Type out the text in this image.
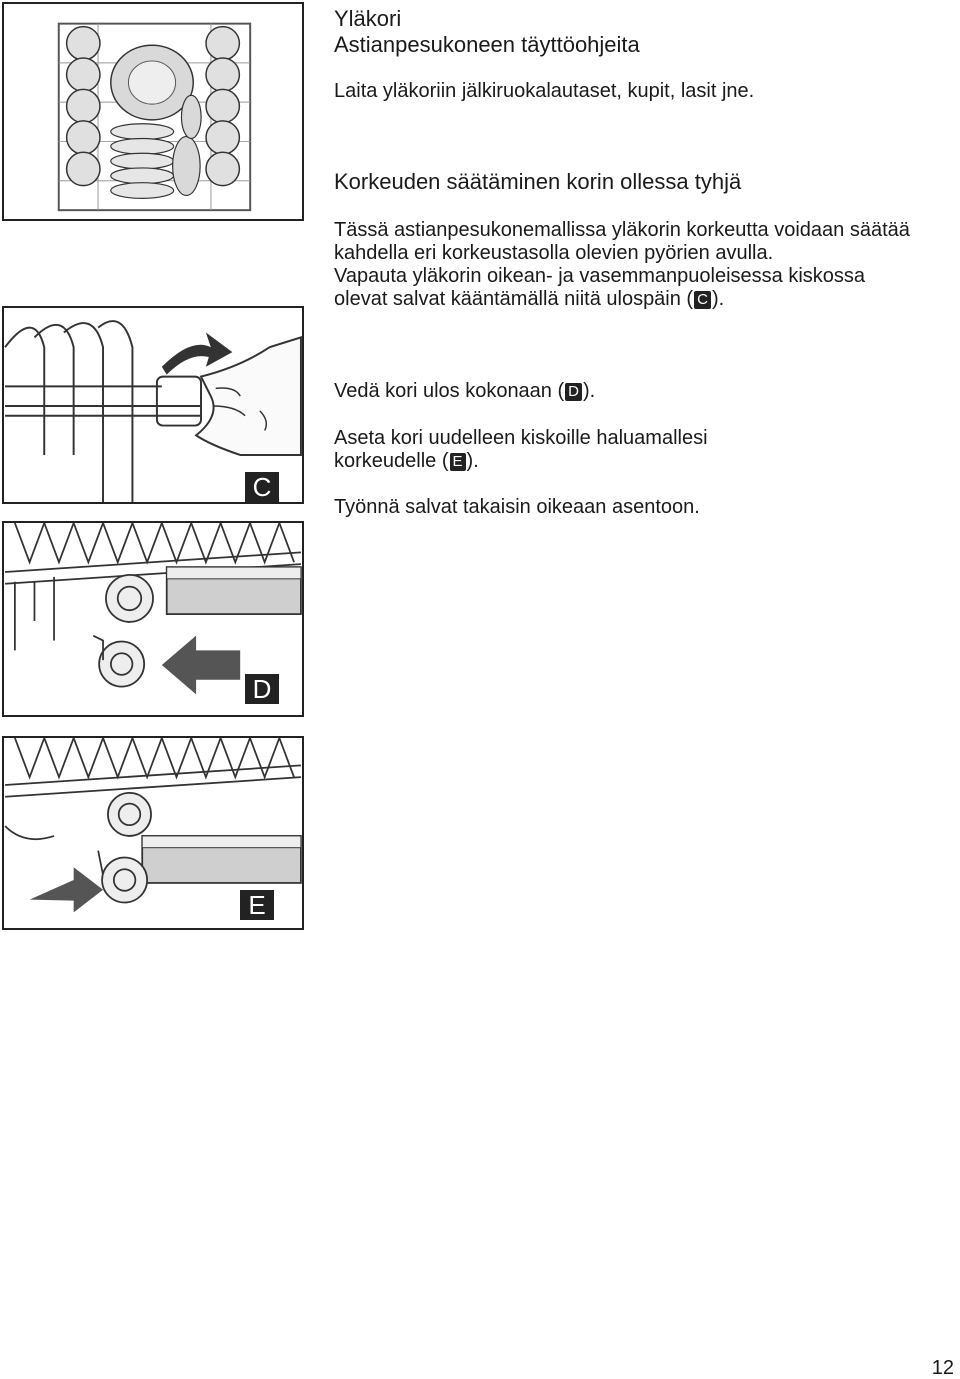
C
D
E
Yläkori
Astianpesukoneen täyttöohjeita
Laita yläkoriin jälkiruokalautaset, kupit, lasit jne.
Korkeuden säätäminen korin ollessa tyhjä
Tässä astianpesukonemallissa yläkorin korkeutta voidaan säätää kahdella eri korkeustasolla olevien pyörien avulla.
Vapauta yläkorin oikean- ja vasemmanpuoleisessa kiskossa olevat salvat kääntämällä niitä ulospäin ( C ).
Vedä kori ulos kokonaan ( D ).
Aseta kori uudelleen kiskoille haluamallesi korkeudelle ( E ).
Työnnä salvat takaisin oikeaan asentoon.
12
